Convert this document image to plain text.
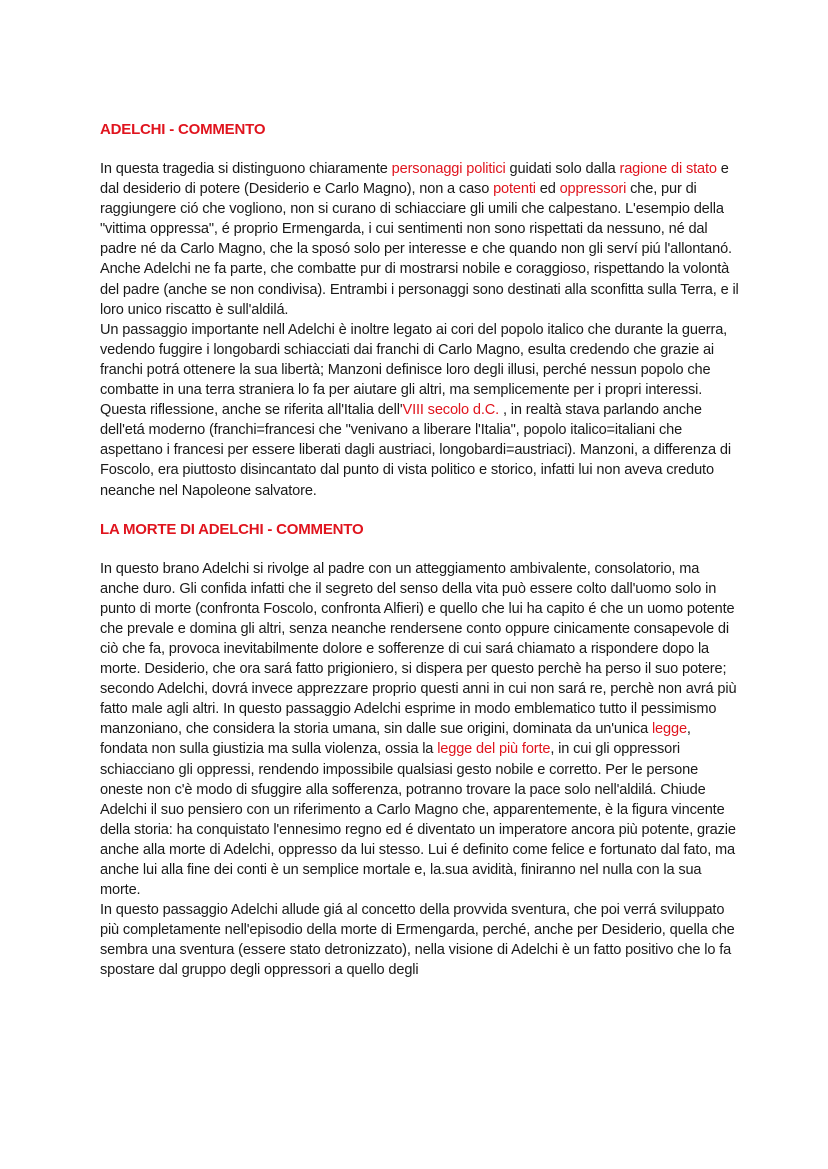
ADELCHI - COMMENTO

In questa tragedia si distinguono chiaramente personaggi politici guidati solo dalla ragione di stato e dal desiderio di potere (Desiderio e Carlo Magno), non a caso potenti ed oppressori che, pur di raggiungere ció che vogliono, non si curano di schiacciare gli umili che calpestano. L'esempio della "vittima oppressa", é proprio Ermengarda, i cui sentimenti non sono rispettati da nessuno, né dal padre né da Carlo Magno, che la sposó solo per interesse e che quando non gli serví piú l'allontanó. Anche Adelchi ne fa parte, che combatte pur di mostrarsi nobile e coraggioso, rispettando la volontà del padre (anche se non condivisa). Entrambi i personaggi sono destinati alla sconfitta sulla Terra, e il loro unico riscatto è sull'aldilá.

Un passaggio importante nell Adelchi è inoltre legato ai cori del popolo italico che durante la guerra, vedendo fuggire i longobardi schiacciati dai franchi di Carlo Magno, esulta credendo che grazie ai franchi potrá ottenere la sua libertà; Manzoni definisce loro degli illusi, perché nessun popolo che combatte in una terra straniera lo fa per aiutare gli altri, ma semplicemente per i propri interessi. Questa riflessione, anche se riferita all'Italia dell'VIII secolo d.C. , in realtà stava parlando anche dell'etá moderno (franchi=francesi che "venivano a liberare l'Italia", popolo italico=italiani che aspettano i francesi per essere liberati dagli austriaci, longobardi=austriaci). Manzoni, a differenza di Foscolo, era piuttosto disincantato dal punto di vista politico e storico, infatti lui non aveva creduto neanche nel Napoleone salvatore.

LA MORTE DI ADELCHI - COMMENTO

In questo brano Adelchi si rivolge al padre con un atteggiamento ambivalente, consolatorio, ma anche duro. Gli confida infatti che il segreto del senso della vita può essere colto dall'uomo solo in punto di morte (confronta Foscolo, confronta Alfieri) e quello che lui ha capito é che un uomo potente che prevale e domina gli altri, senza neanche rendersene conto oppure cinicamente consapevole di ciò che fa, provoca inevitabilmente dolore e sofferenze di cui sará chiamato a rispondere dopo la morte. Desiderio, che ora sará fatto prigioniero, si dispera per questo perchè ha perso il suo potere; secondo Adelchi, dovrá invece apprezzare proprio questi anni in cui non sará re, perchè non avrá più fatto male agli altri. In questo passaggio Adelchi esprime in modo emblematico tutto il pessimismo manzoniano, che considera la storia umana, sin dalle sue origini, dominata da un'unica legge, fondata non sulla giustizia ma sulla violenza, ossia la legge del più forte, in cui gli oppressori schiacciano gli oppressi, rendendo impossibile qualsiasi gesto nobile e corretto. Per le persone oneste non c'è modo di sfuggire alla sofferenza, potranno trovare la pace solo nell'aldilá. Chiude Adelchi il suo pensiero con un riferimento a Carlo Magno che, apparentemente, è la figura vincente della storia: ha conquistato l'ennesimo regno ed é diventato un imperatore ancora più potente, grazie anche alla morte di Adelchi, oppresso da lui stesso. Lui é definito come felice e fortunato dal fato, ma anche lui alla fine dei conti è un semplice mortale e, la.sua avidità, finiranno nel nulla con la sua morte.

In questo passaggio Adelchi allude giá al concetto della provvida sventura, che poi verrá sviluppato più completamente nell'episodio della morte di Ermengarda, perché, anche per Desiderio, quella che sembra una sventura (essere stato detronizzato), nella visione di Adelchi è un fatto positivo che lo fa spostare dal gruppo degli oppressori a quello degli
